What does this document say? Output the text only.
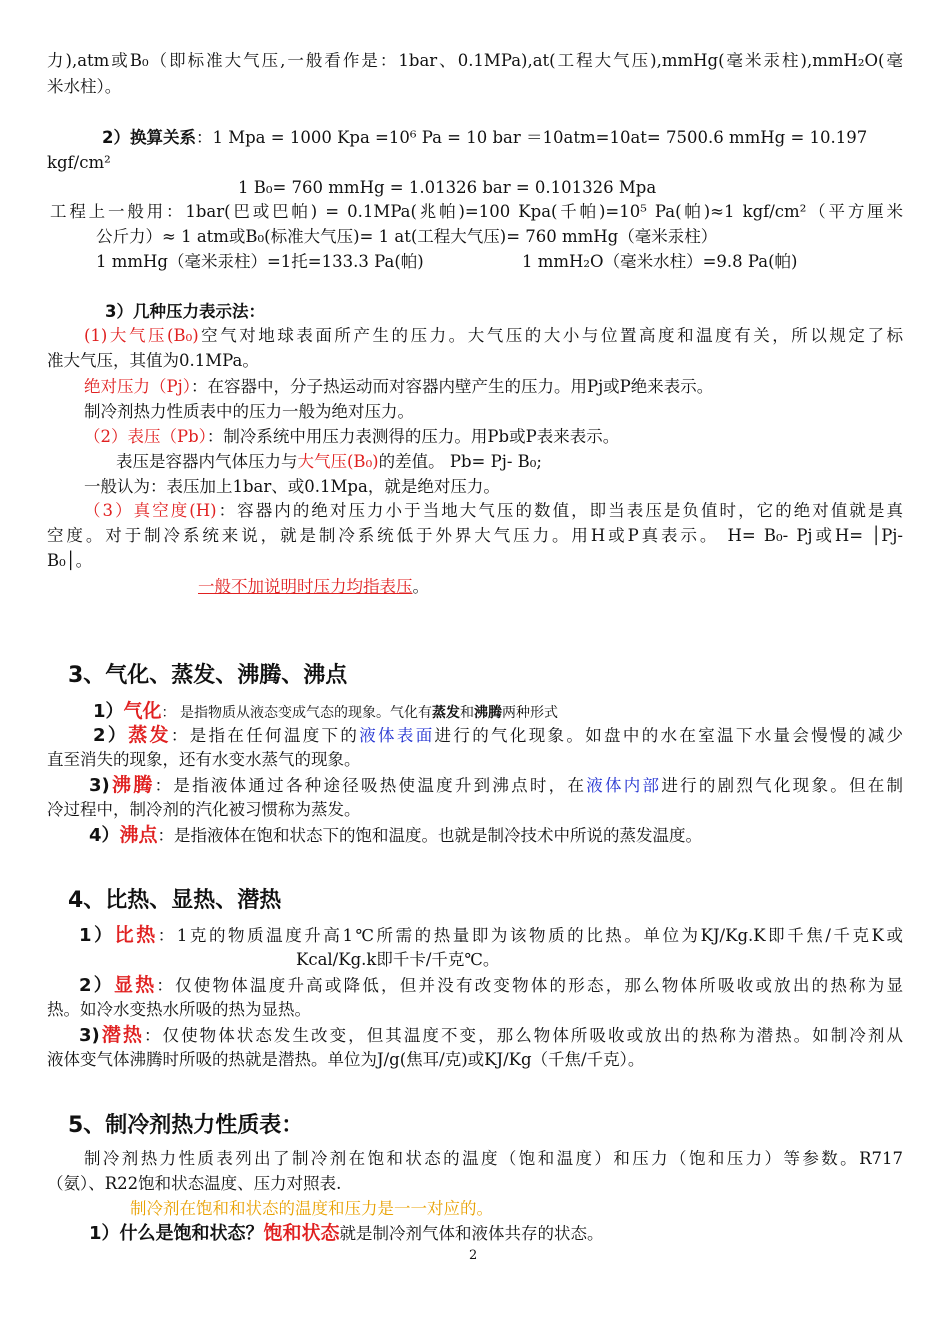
力),atm或B₀（即标准大气压,一般看作是：1bar、0.1MPa),at(工程大气压),mmHg(毫米汞柱),mmH₂O(毫
米水柱）。
2）换算关系：1 Mpa = 1000 Kpa =10⁶ Pa = 10 bar ＝10atm=10at= 7500.6 mmHg = 10.197
kgf/cm²
1 B₀= 760 mmHg = 1.01326 bar = 0.101326 Mpa
工程上一般用：1bar(巴或巴帕) = 0.1MPa(兆帕)=100 Kpa(千帕)=10⁵ Pa(帕)≈1 kgf/cm²（平方厘米
公斤力）≈ 1 atm或B₀(标准大气压)= 1 at(工程大气压)= 760 mmHg（毫米汞柱）
1 mmHg（毫米汞柱）=1托=133.3 Pa(帕)	1 mmH₂O（毫米水柱）=9.8 Pa(帕)
3）几种压力表示法：
(1)大气压(B₀)空气对地球表面所产生的压力。大气压的大小与位置高度和温度有关，所以规定了标
准大气压，其值为0.1MPa。
绝对压力（Pj）：在容器中，分子热运动而对容器内壁产生的压力。用Pj或P绝来表示。
制冷剂热力性质表中的压力一般为绝对压力。
（2）表压（Pb）：制冷系统中用压力表测得的压力。用Pb或P表来表示。
表压是容器内气体压力与大气压(B₀)的差值。 Pb= Pj- B₀;
一般认为：表压加上1bar、或0.1Mpa，就是绝对压力。
（3）真空度(H)：容器内的绝对压力小于当地大气压的数值，即当表压是负值时，它的绝对值就是真
空度。对于制冷系统来说，就是制冷系统低于外界大气压力。用H或P真表示。 H= B₀- Pj或H= │Pj-
B₀│。
一般不加说明时压力均指表压。
3、气化、蒸发、沸腾、沸点
1）气化： 是指物质从液态变成气态的现象。气化有蒸发和沸腾两种形式
2）蒸发：是指在任何温度下的液体表面进行的气化现象。如盘中的水在室温下水量会慢慢的减少
直至消失的现象，还有水变水蒸气的现象。
3)沸腾：是指液体通过各种途径吸热使温度升到沸点时，在液体内部进行的剧烈气化现象。但在制
冷过程中，制冷剂的汽化被习惯称为蒸发。
4）沸点：是指液体在饱和状态下的饱和温度。也就是制冷技术中所说的蒸发温度。
4、比热、显热、潜热
1）比热：1克的物质温度升高1℃所需的热量即为该物质的比热。单位为KJ/Kg.K即千焦/千克K或
Kcal/Kg.k即千卡/千克℃。
2）显热：仅使物体温度升高或降低，但并没有改变物体的形态，那么物体所吸收或放出的热称为显
热。如冷水变热水所吸的热为显热。
3)潜热：仅使物体状态发生改变，但其温度不变，那么物体所吸收或放出的热称为潜热。如制冷剂从
液体变气体沸腾时所吸的热就是潜热。单位为J/g(焦耳/克)或KJ/Kg（千焦/千克）。
5、制冷剂热力性质表：
制冷剂热力性质表列出了制冷剂在饱和状态的温度（饱和温度）和压力（饱和压力）等参数。R717
（氨）、R22饱和状态温度、压力对照表.
制冷剂在饱和和状态的温度和压力是一一对应的。
1）什么是饱和状态？饱和状态就是制冷剂气体和液体共存的状态。
2
